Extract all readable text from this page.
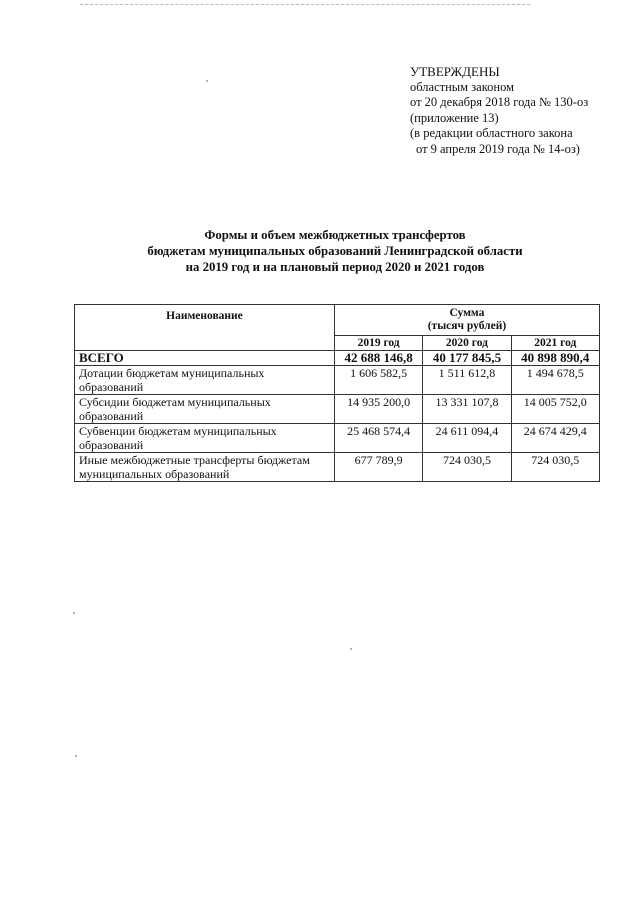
УТВЕРЖДЕНЫ
областным законом
от 20 декабря 2018 года № 130-оз
(приложение 13)
(в редакции областного закона
от 9 апреля 2019 года № 14-оз)
Формы и объем межбюджетных трансфертов
бюджетам муниципальных образований Ленинградской области
на 2019 год и на плановый период 2020 и 2021 годов
Наименование	Сумма
(тысяч рублей)		
	2019 год	2020 год	2021 год
ВСЕГО	42 688 146,8	40 177 845,5	40 898 890,4
Дотации бюджетам муниципальных образований	1 606 582,5	1 511 612,8	1 494 678,5
Субсидии бюджетам муниципальных образований	14 935 200,0	13 331 107,8	14 005 752,0
Субвенции бюджетам муниципальных образований	25 468 574,4	24 611 094,4	24 674 429,4
Иные межбюджетные трансферты бюджетам муниципальных образований	677 789,9	724 030,5	724 030,5
